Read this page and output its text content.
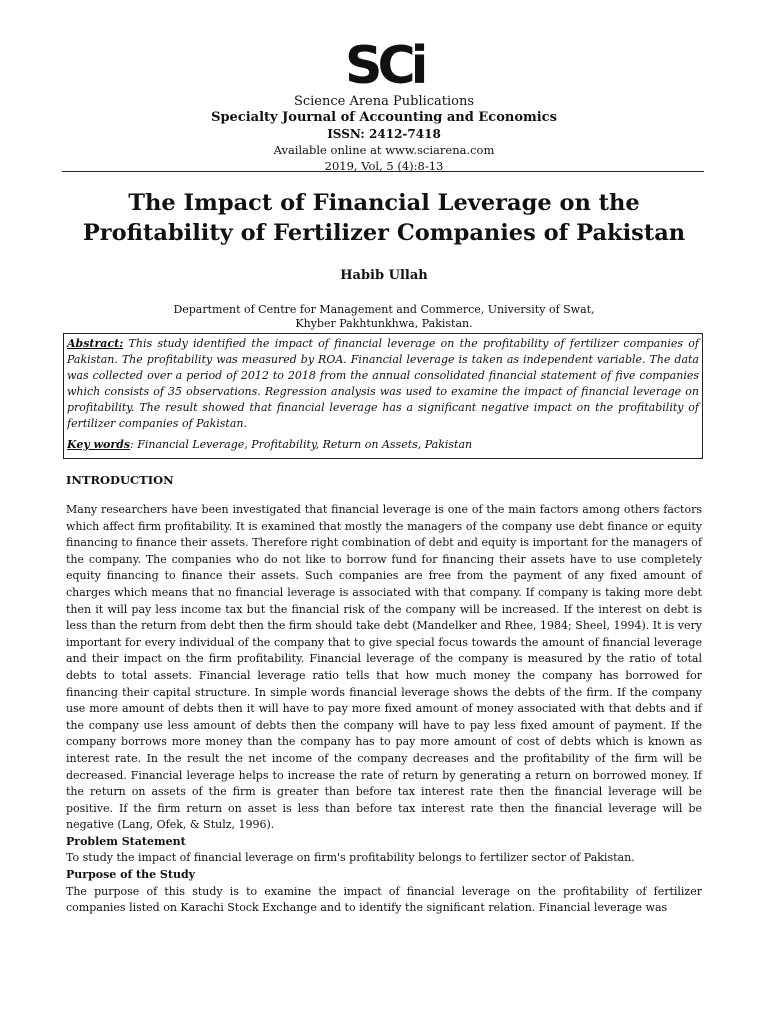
SCi
Science Arena Publications
Specialty Journal of Accounting and Economics
ISSN: 2412-7418
Available online at www.sciarena.com
2019, Vol, 5 (4):8-13
The Impact of Financial Leverage on the
Profitability of Fertilizer Companies of Pakistan
Habib Ullah
Department of Centre for Management and Commerce, University of Swat,
Khyber Pakhtunkhwa, Pakistan.
Abstract: This study identified the impact of financial leverage on the profitability of fertilizer companies of Pakistan. The profitability was measured by ROA. Financial leverage is taken as independent variable. The data was collected over a period of 2012 to 2018 from the annual consolidated financial statement of five companies which consists of 35 observations. Regression analysis was used to examine the impact of financial leverage on profitability. The result showed that financial leverage has a significant negative impact on the profitability of fertilizer companies of Pakistan.
Key words: Financial Leverage, Profitability, Return on Assets, Pakistan
INTRODUCTION

Many researchers have been investigated that financial leverage is one of the main factors among others factors which affect firm profitability. It is examined that mostly the managers of the company use debt finance or equity financing to finance their assets. Therefore right combination of debt and equity is important for the managers of the company. The companies who do not like to borrow fund for financing their assets have to use completely equity financing to finance their assets. Such companies are free from the payment of any fixed amount of charges which means that no financial leverage is associated with that company. If company is taking more debt then it will pay less income tax but the financial risk of the company will be increased. If the interest on debt is less than the return from debt then the firm should take debt (Mandelker and Rhee, 1984; Sheel, 1994). It is very important for every individual of the company that to give special focus towards the amount of financial leverage and their impact on the firm profitability. Financial leverage of the company is measured by the ratio of total debts to total assets. Financial leverage ratio tells that how much money the company has borrowed for financing their capital structure. In simple words financial leverage shows the debts of the firm. If the company use more amount of debts then it will have to pay more fixed amount of money associated with that debts and if the company use less amount of debts then the company will have to pay less fixed amount of payment. If the company borrows more money than the company has to pay more amount of cost of debts which is known as interest rate. In the result the net income of the company decreases and the profitability of the firm will be decreased. Financial leverage helps to increase the rate of return by generating a return on borrowed money. If the return on assets of the firm is greater than before tax interest rate then the financial leverage will be positive. If the firm return on asset is less than before tax interest rate then the financial leverage will be negative (Lang, Ofek, & Stulz, 1996).

Problem Statement

To study the impact of financial leverage on firm's profitability belongs to fertilizer sector of Pakistan.

Purpose of the Study

The purpose of this study is to examine the impact of financial leverage on the profitability of fertilizer companies listed on Karachi Stock Exchange and to identify the significant relation. Financial leverage was
